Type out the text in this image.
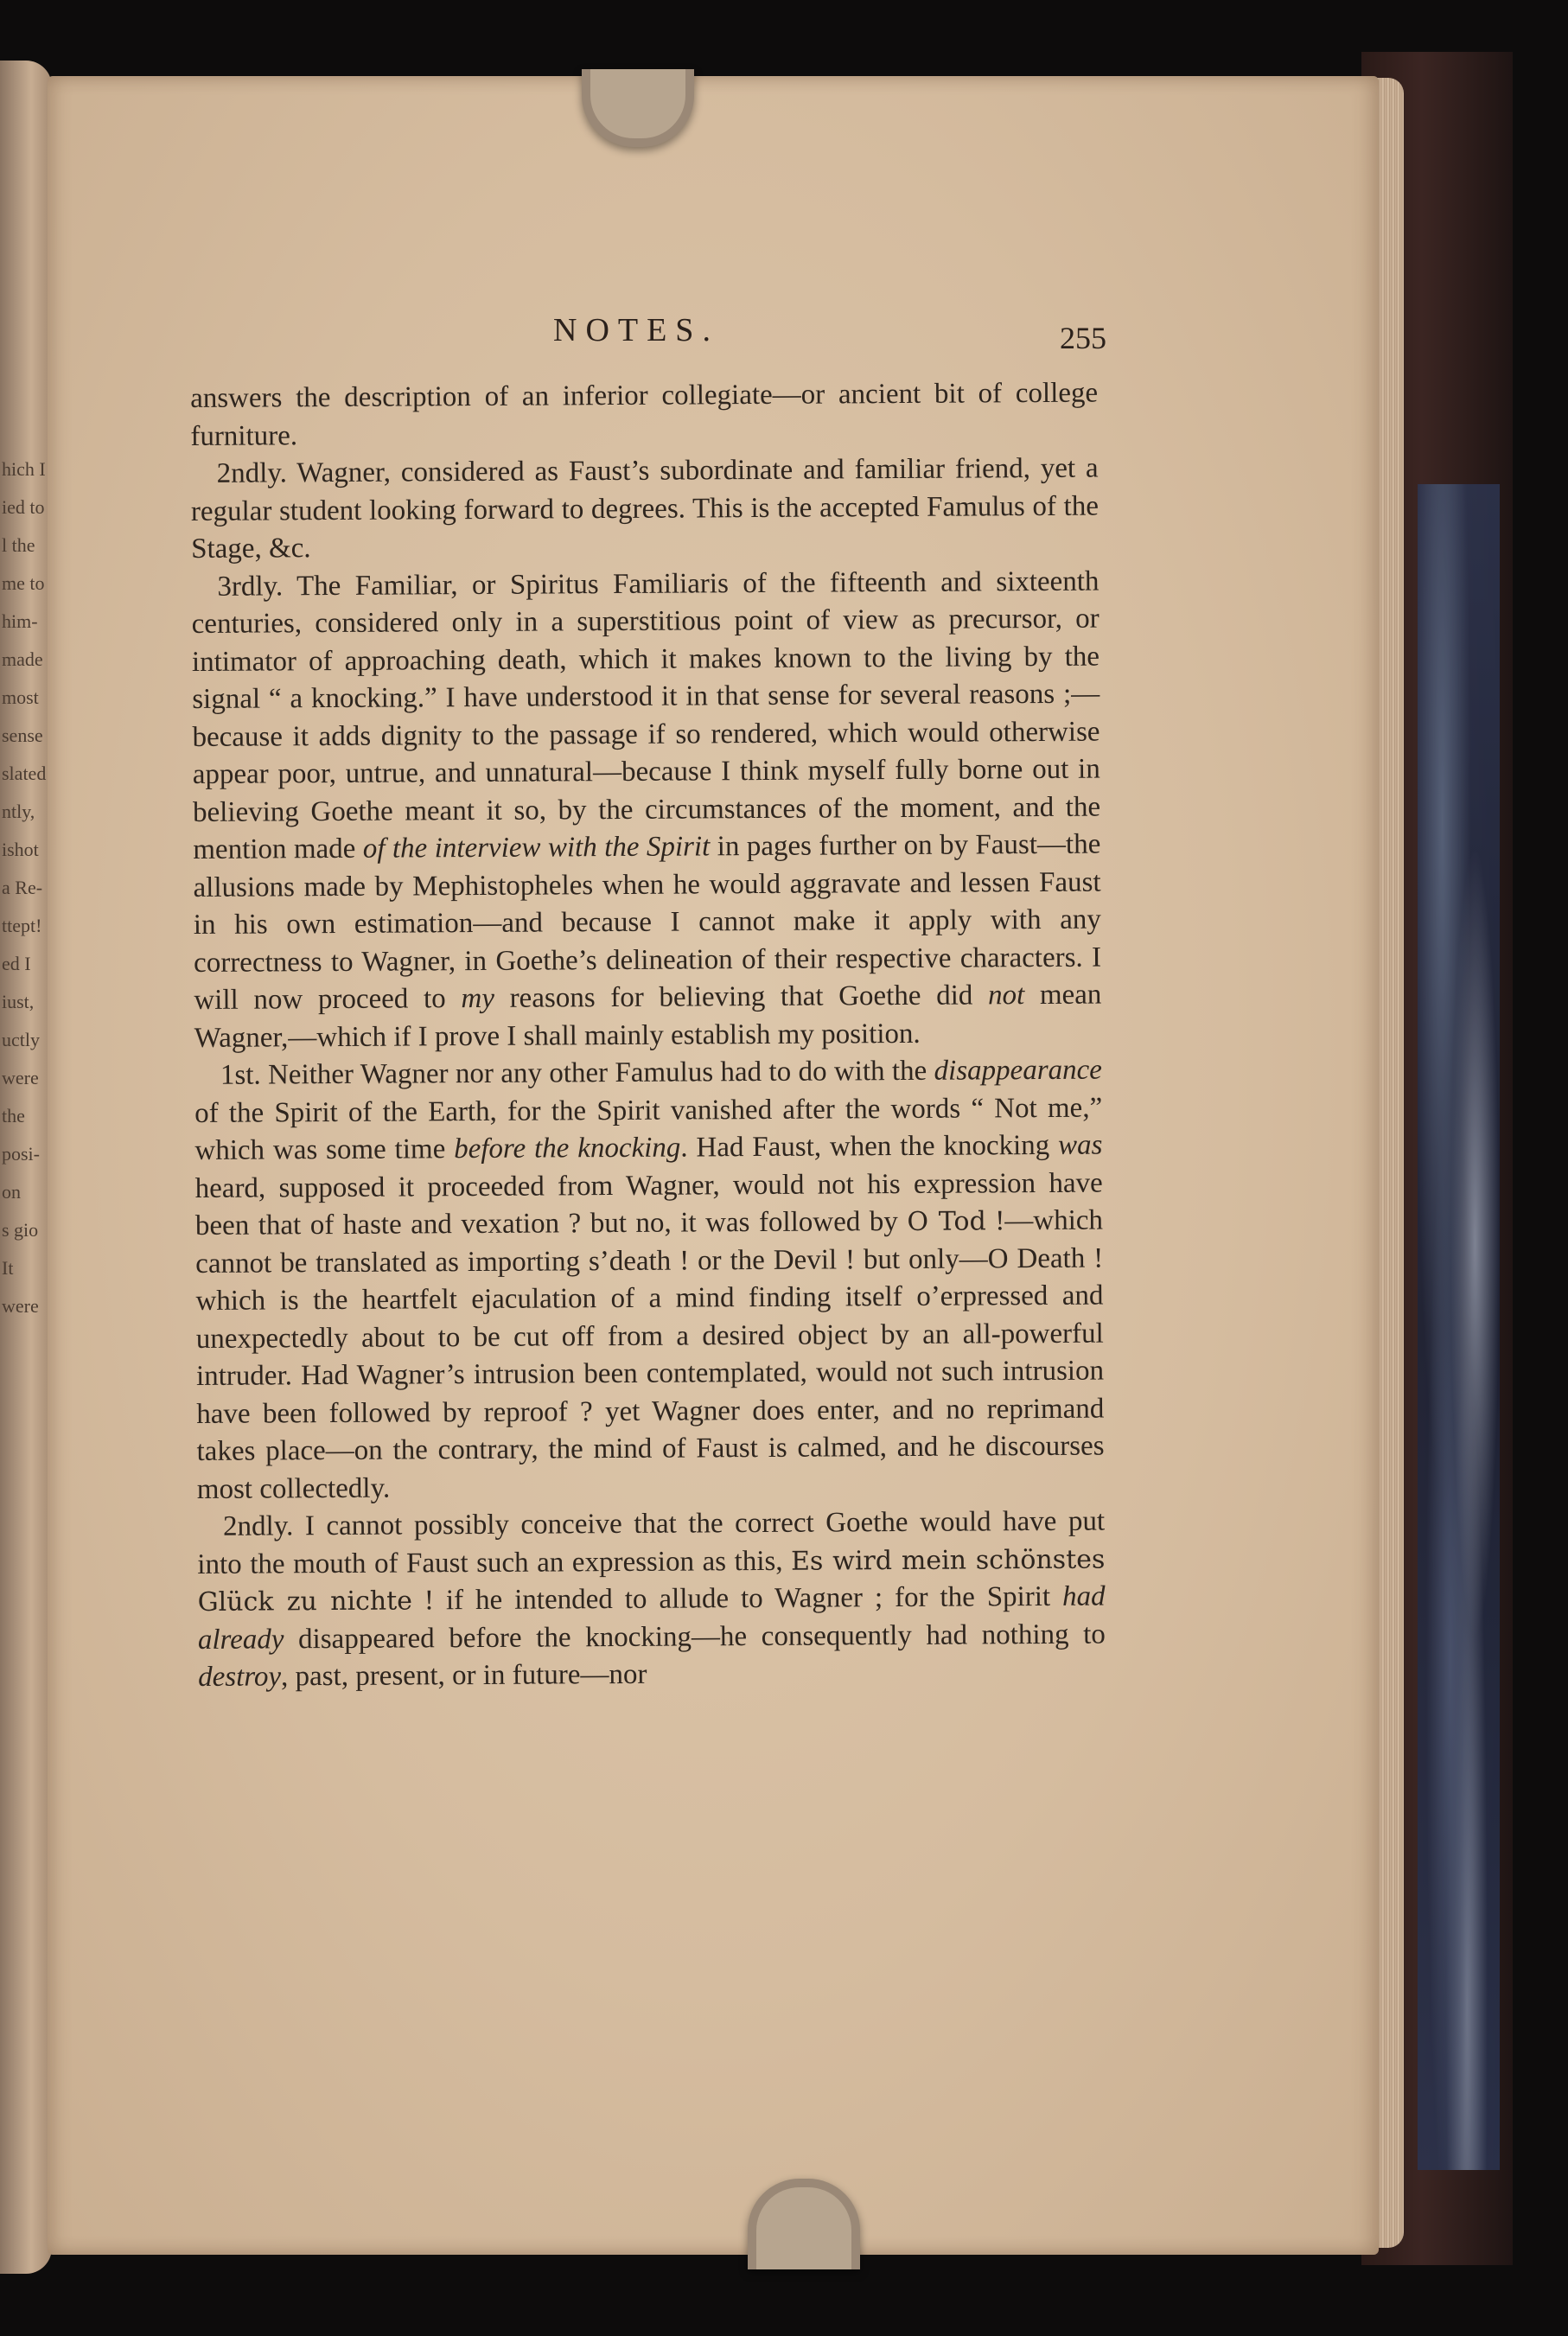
hich I
ied to
l the
me to
him-
made
most
sense
slated
ntly,
ishot
a Re-
ttept!
ed I
iust,
uctly
were
the
posi-
on
s gio
It
were
NOTES.	255

answers the description of an inferior collegiate—or ancient bit of college furniture.

2ndly. Wagner, considered as Faust’s subordinate and familiar friend, yet a regular student looking forward to degrees. This is the accepted Famulus of the Stage, &c.

3rdly. The Familiar, or Spiritus Familiaris of the fifteenth and sixteenth centuries, considered only in a superstitious point of view as precursor, or intimator of approaching death, which it makes known to the living by the signal “ a knocking.” I have understood it in that sense for several reasons ;—because it adds dignity to the passage if so rendered, which would otherwise appear poor, untrue, and unnatural—because I think myself fully borne out in believing Goethe meant it so, by the circumstances of the moment, and the mention made of the interview with the Spirit in pages further on by Faust—the allusions made by Mephistopheles when he would aggravate and lessen Faust in his own estimation—and because I cannot make it apply with any correctness to Wagner, in Goethe’s delineation of their respective characters. I will now proceed to my reasons for believing that Goethe did not mean Wagner,—which if I prove I shall mainly establish my position.

1st. Neither Wagner nor any other Famulus had to do with the disappearance of the Spirit of the Earth, for the Spirit vanished after the words “ Not me,” which was some time before the knocking. Had Faust, when the knocking was heard, supposed it proceeded from Wagner, would not his expression have been that of haste and vexation ? but no, it was followed by O Tod !—which cannot be translated as importing s’death ! or the Devil ! but only—O Death ! which is the heartfelt ejaculation of a mind finding itself o’erpressed and unexpectedly about to be cut off from a desired object by an all-powerful intruder. Had Wagner’s intrusion been contemplated, would not such intrusion have been followed by reproof ? yet Wagner does enter, and no reprimand takes place—on the contrary, the mind of Faust is calmed, and he discourses most collectedly.

2ndly. I cannot possibly conceive that the correct Goethe would have put into the mouth of Faust such an expression as this, Es wird mein schönstes Glück zu nichte ! if he intended to allude to Wagner ; for the Spirit had already disappeared before the knocking—he consequently had nothing to destroy, past, present, or in future—nor
